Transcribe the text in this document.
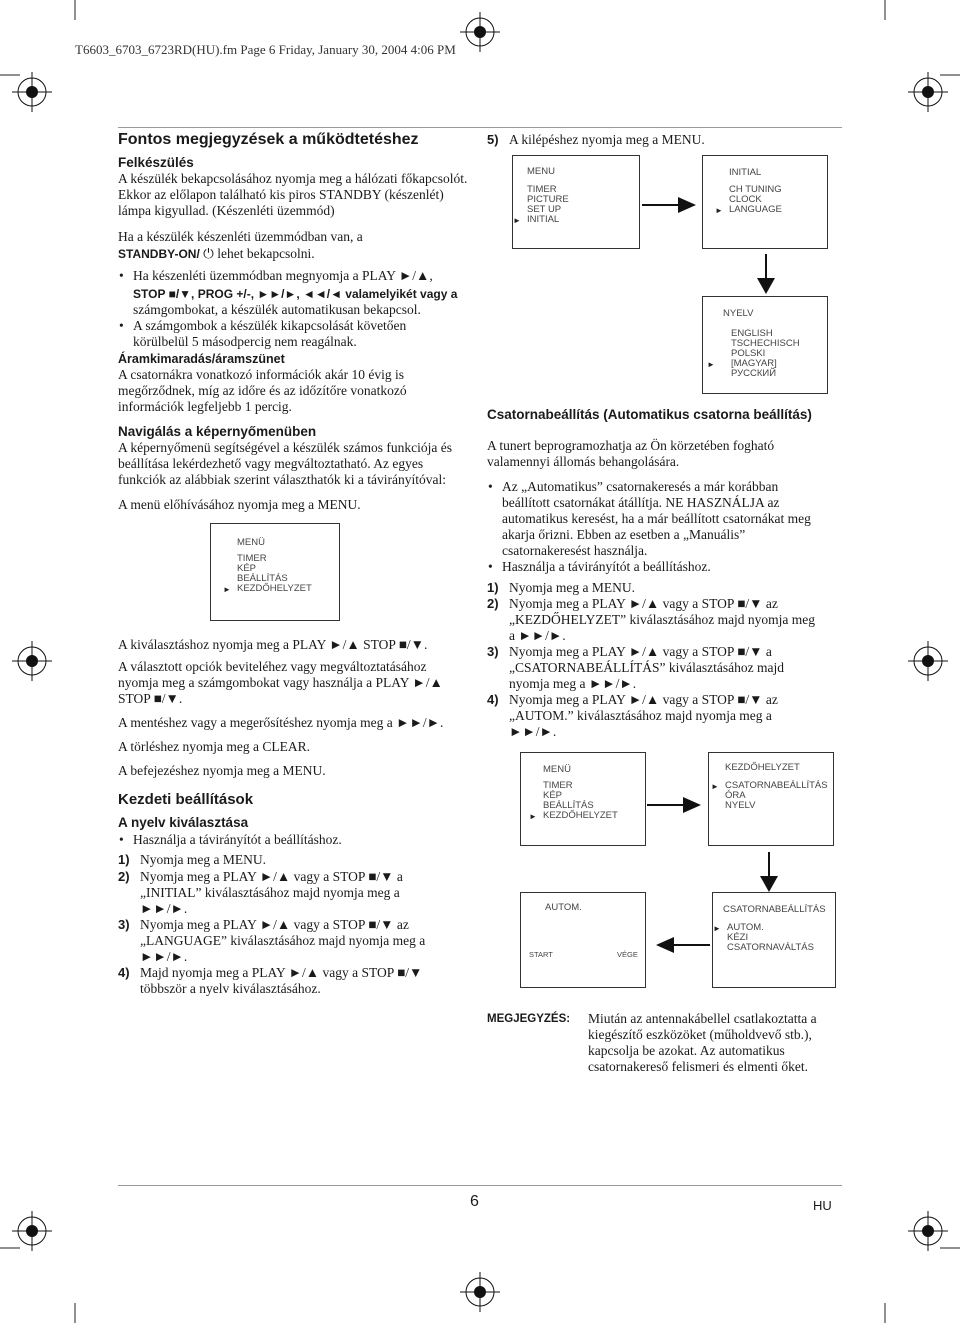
T6603_6703_6723RD(HU).fm Page 6 Friday, January 30, 2004 4:06 PM
Fontos megjegyzések a működtetéshez
Felkészülés
A készülék bekapcsolásához nyomja meg a hálózati főkapcsolót. Ekkor az előlapon található kis piros STANDBY (készenlét) lámpa kigyullad. (Készenléti üzemmód)
Ha a készülék készenléti üzemmódban van, a
STANDBY-ON/ ⏻ lehet bekapcsolni.
• Ha készenléti üzemmódban megnyomja a PLAY ►/▲,
STOP ■/▼, PROG +/-, ►►/►, ◄◄/◄ valamelyikét vagy a
számgombokat, a készülék automatikusan bekapcsol.
• A számgombok a készülék kikapcsolását követően
körülbelül 5 másodpercig nem reagálnak.
Áramkimaradás/áramszünet
A csatornákra vonatkozó információk akár 10 évig is megőrződnek, míg az időre és az időzítőre vonatkozó információk legfeljebb 1 percig.
Navigálás a képernyőmenüben
A képernyőmenü segítségével a készülék számos funkciója és beállítása lekérdezhető vagy megváltoztatható. Az egyes funkciók az alábbiak szerint választhatók ki a távirányítóval:
A menü előhívásához nyomja meg a MENU.
MENÜ
TIMER
KÉP
BEÁLLÍTÁS
► KEZDŐHELYZET
A kiválasztáshoz nyomja meg a PLAY ►/▲ STOP ■/▼.
A választott opciók beviteléhez vagy megváltoztatásához
nyomja meg a számgombokat vagy használja a PLAY ►/▲
STOP ■/▼.
A mentéshez vagy a megerősítéshez nyomja meg a ►►/►.
A törléshez nyomja meg a CLEAR.
A befejezéshez nyomja meg a MENU.
Kezdeti beállítások
A nyelv kiválasztása
• Használja a távirányítót a beállításhoz.
1) Nyomja meg a MENU.
2) Nyomja meg a PLAY ►/▲ vagy a STOP ■/▼ a
„INITIAL” kiválasztásához majd nyomja meg a
►►/►.
3) Nyomja meg a PLAY ►/▲ vagy a STOP ■/▼ az
„LANGUAGE” kiválasztásához majd nyomja meg a
►►/►.
4) Majd nyomja meg a PLAY ►/▲ vagy a STOP ■/▼
többször a nyelv kiválasztásához.
5) A kilépéshez nyomja meg a MENU.
MENU
TIMER
PICTURE
SET UP
► INITIAL
INITIAL
CH TUNING
CLOCK
► LANGUAGE
NYELV
ENGLISH
TSCHECHISCH
POLSKI
► [MAGYAR]
РУССКИЙ
Csatornabeállítás (Automatikus csatorna beállítás)
A tunert beprogramozhatja az Ön körzetében fogható valamennyi állomás behangolására.
• Az „Automatikus” csatornakeresés a már korábban
beállított csatornákat átállítja. NE HASZNÁLJA az
automatikus keresést, ha a már beállított csatornákat meg
akarja őrizni. Ebben az esetben a „Manuális”
csatornakeresést használja.
• Használja a távirányítót a beállításhoz.
1) Nyomja meg a MENU.
2) Nyomja meg a PLAY ►/▲ vagy a STOP ■/▼ az
„KEZDŐHELYZET” kiválasztásához majd nyomja meg
a ►►/►.
3) Nyomja meg a PLAY ►/▲ vagy a STOP ■/▼ a
„CSATORNABEÁLLÍTÁS” kiválasztásához majd
nyomja meg a ►►/►.
4) Nyomja meg a PLAY ►/▲ vagy a STOP ■/▼ az
„AUTOM.” kiválasztásához majd nyomja meg a
►►/►.
MENÜ
TIMER
KÉP
BEÁLLÍTÁS
► KEZDŐHELYZET
KEZDŐHELYZET
► CSATORNABEÁLLÍTÁS
ÓRA
NYELV
AUTOM.
START	VÉGE
CSATORNABEÁLLÍTÁS
► AUTOM.
KÉZI
CSATORNAVÁLTÁS
MEGJEGYZÉS: Miután az antennakábellel csatlakoztatta a
kiegészítő eszközöket (műholdvevő stb.),
kapcsolja be azokat. Az automatikus
csatornakereső felismeri és elmenti őket.
6	HU
